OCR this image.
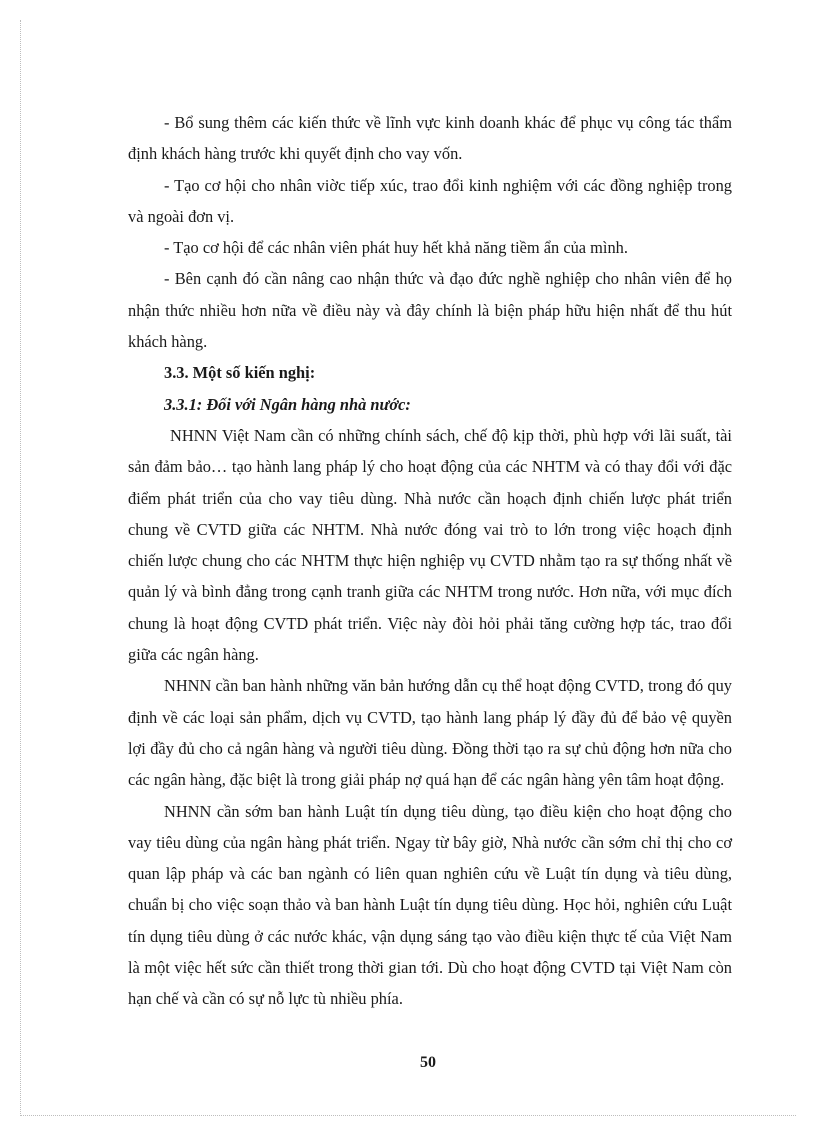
- Bổ sung thêm các kiến thức về lĩnh vực kinh doanh khác để phục vụ công tác thẩm định khách hàng trước khi quyết định cho vay vốn.

- Tạo cơ hội cho nhân viờc tiếp xúc, trao đổi kinh nghiệm với các đồng nghiệp trong và ngoài đơn vị.

- Tạo cơ hội để các nhân viên phát huy hết khả năng tiềm ẩn của mình.

- Bên cạnh đó cần nâng cao nhận thức và đạo đức nghề nghiệp cho nhân viên để họ nhận thức nhiều hơn nữa về điều này và đây chính là biện pháp hữu hiện nhất để thu hút khách hàng.

3.3. Một số kiến nghị:

3.3.1: Đối với Ngân hàng nhà nước:

NHNN Việt Nam cần có những chính sách, chế độ kịp thời, phù hợp với lãi suất, tài sản đảm bảo… tạo hành lang pháp lý cho hoạt động của các NHTM và có thay đổi với đặc điểm phát triển của cho vay tiêu dùng. Nhà nước cần hoạch định chiến lược phát triển chung về CVTD giữa các NHTM. Nhà nước đóng vai trò to lớn trong việc hoạch định chiến lược chung cho các NHTM thực hiện nghiệp vụ CVTD nhằm tạo ra sự thống nhất về quản lý và bình đẳng trong cạnh tranh giữa các NHTM trong nước. Hơn nữa, với mục đích chung là hoạt động CVTD phát triển. Việc này đòi hỏi phải tăng cường hợp tác, trao đổi giữa các ngân hàng.

NHNN cần ban hành những văn bản hướng dẫn cụ thể hoạt động CVTD, trong đó quy định về các loại sản phẩm, dịch vụ CVTD, tạo hành lang pháp lý đầy đủ để bảo vệ quyền lợi đầy đủ cho cả ngân hàng và người tiêu dùng. Đồng thời tạo ra sự chủ động hơn nữa cho các ngân hàng, đặc biệt là trong giải pháp nợ quá hạn để các ngân hàng yên tâm hoạt động.

NHNN cần sớm ban hành Luật tín dụng tiêu dùng, tạo điều kiện cho hoạt động cho vay tiêu dùng của ngân hàng phát triển. Ngay từ bây giờ, Nhà nước cần sớm chỉ thị cho cơ quan lập pháp và các ban ngành có liên quan nghiên cứu về Luật tín dụng và tiêu dùng, chuẩn bị cho việc soạn thảo và ban hành Luật tín dụng tiêu dùng. Học hỏi, nghiên cứu Luật tín dụng tiêu dùng ở các nước khác, vận dụng sáng tạo vào điều kiện thực tế của Việt Nam là một việc hết sức cần thiết trong thời gian tới. Dù cho hoạt động CVTD tại Việt Nam còn hạn chế và cần có sự nỗ lực tù nhiều phía.

50
